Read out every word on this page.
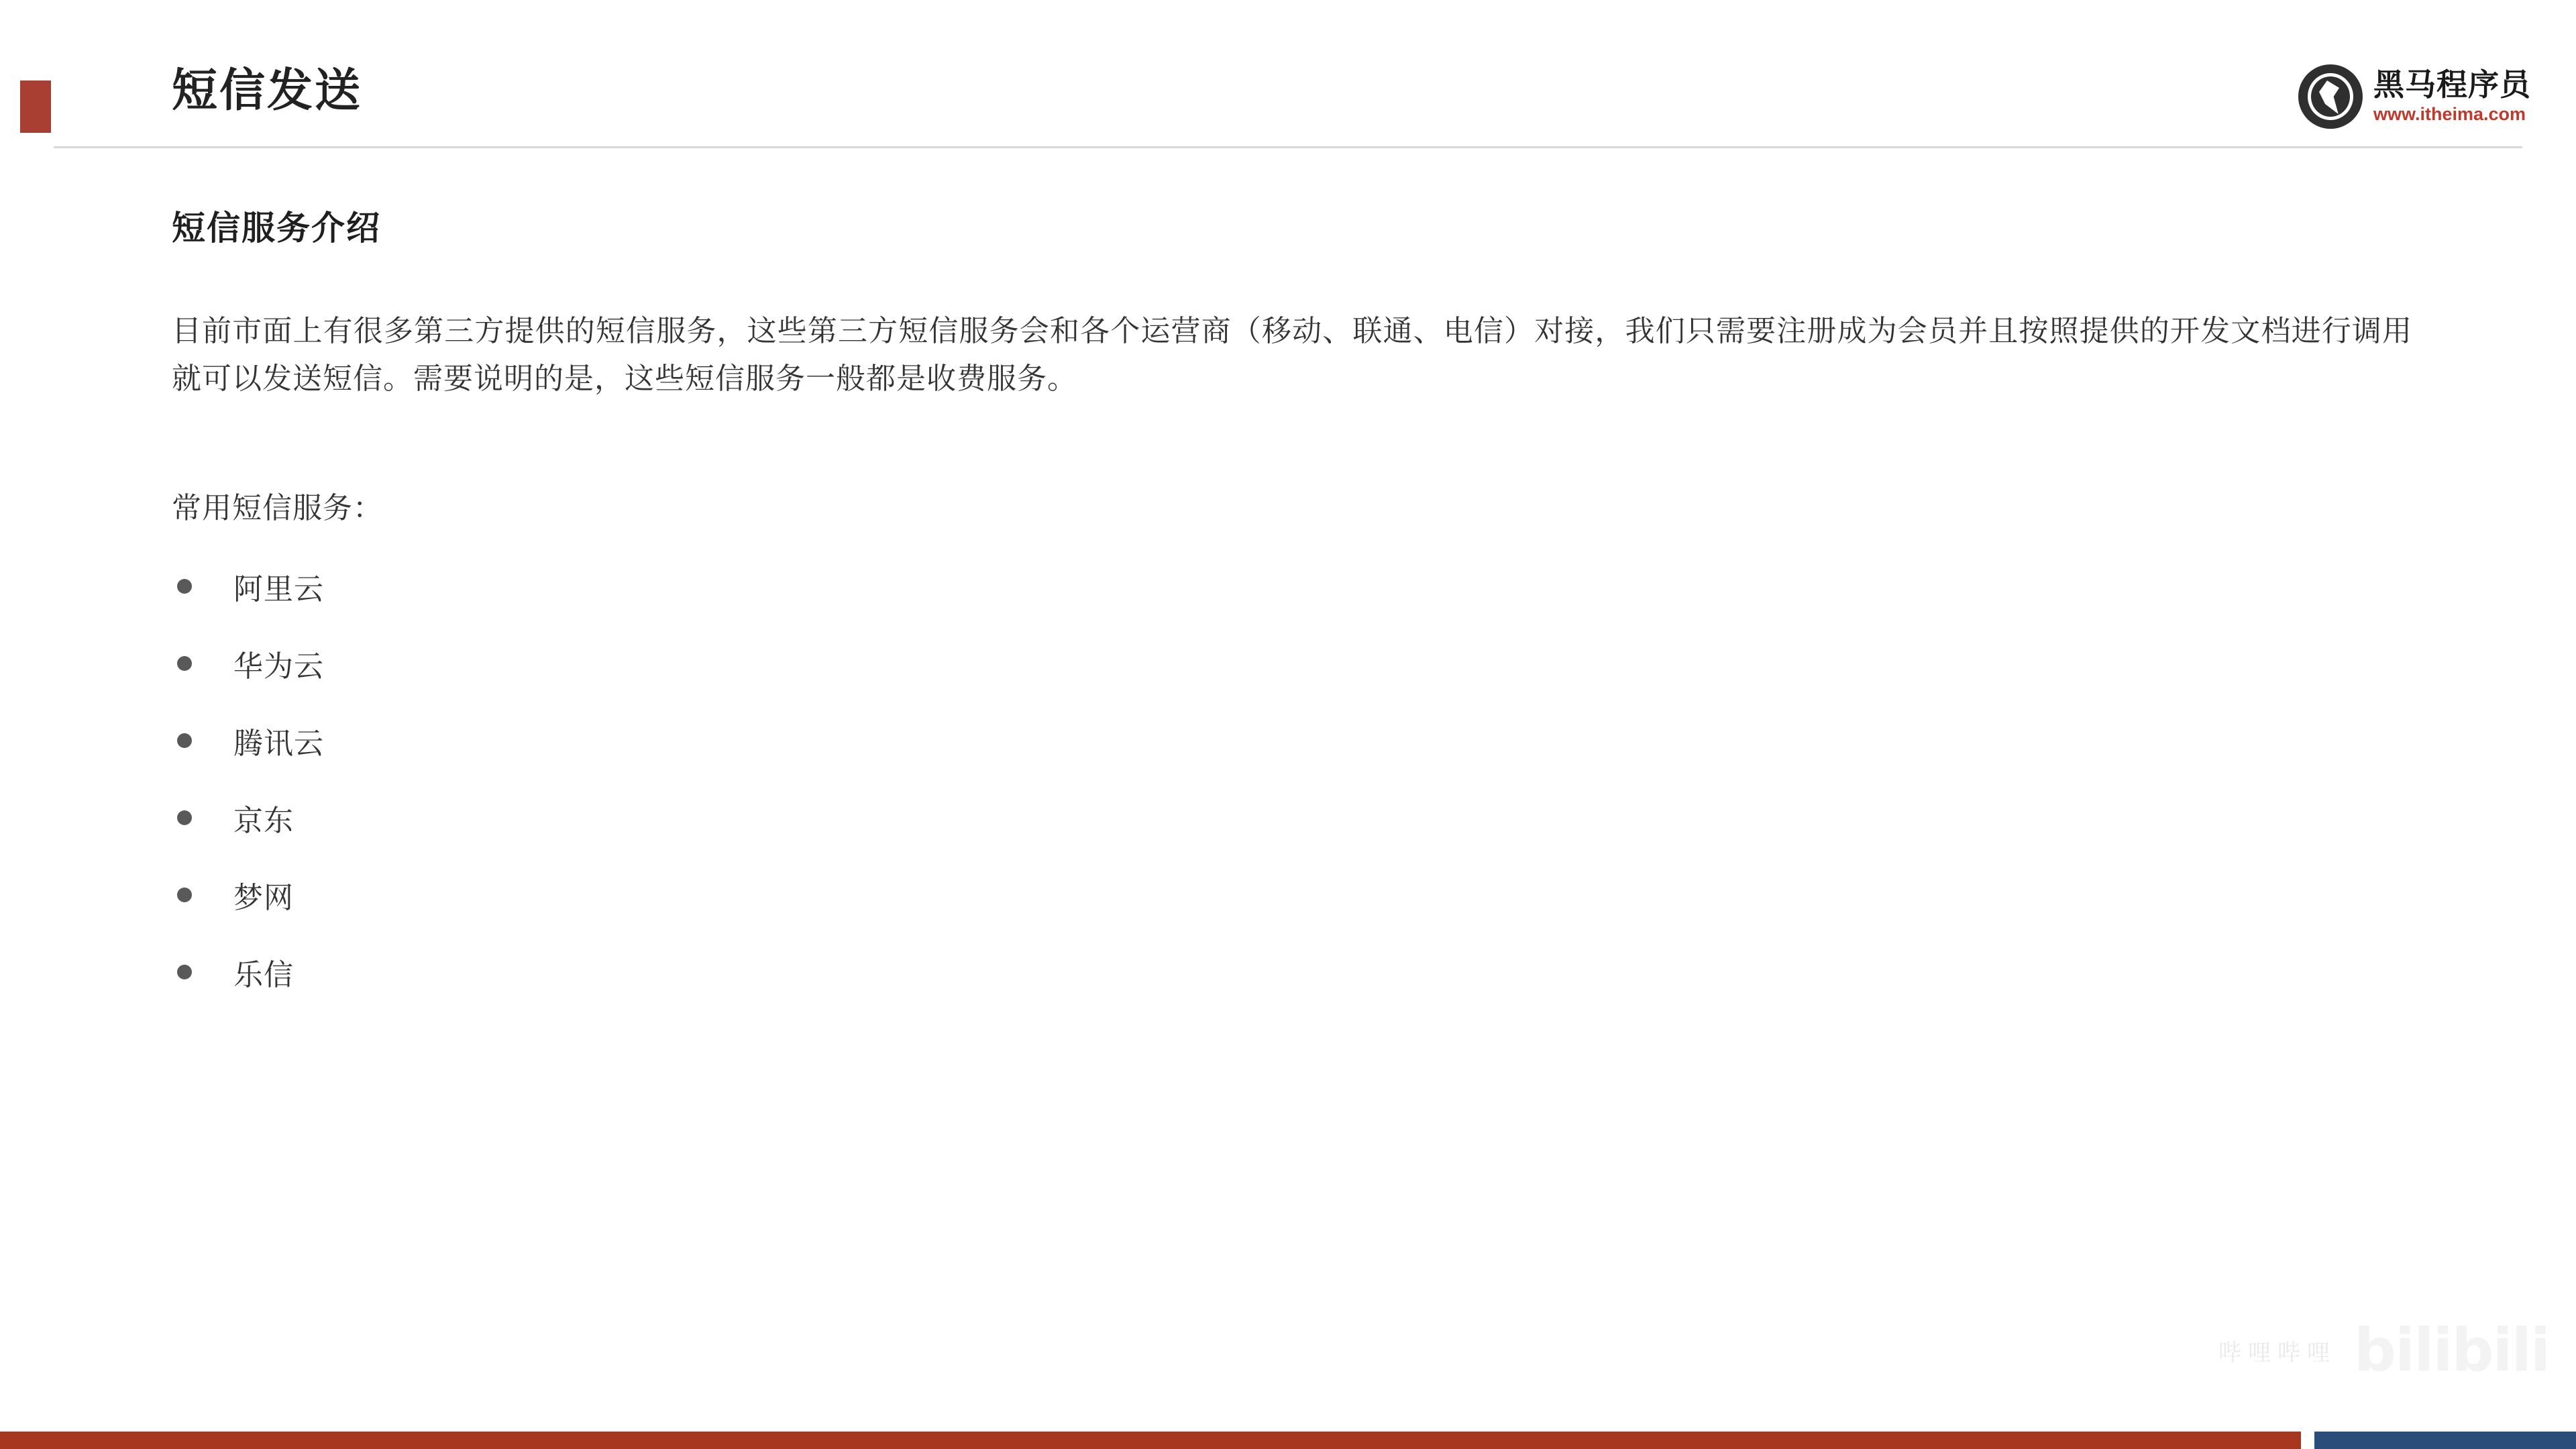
短信发送	黑马程序员
www.itheima.com
短信服务介绍

目前市面上有很多第三方提供的短信服务，这些第三方短信服务会和各个运营商（移动、联通、电信）对接，我们只需要注册成为会员并且按照提供的开发文档进行调用就可以发送短信。需要说明的是，这些短信服务一般都是收费服务。

常用短信服务：

阿里云
华为云
腾讯云
京东
梦网
乐信
哔哩哔哩 bilibili
